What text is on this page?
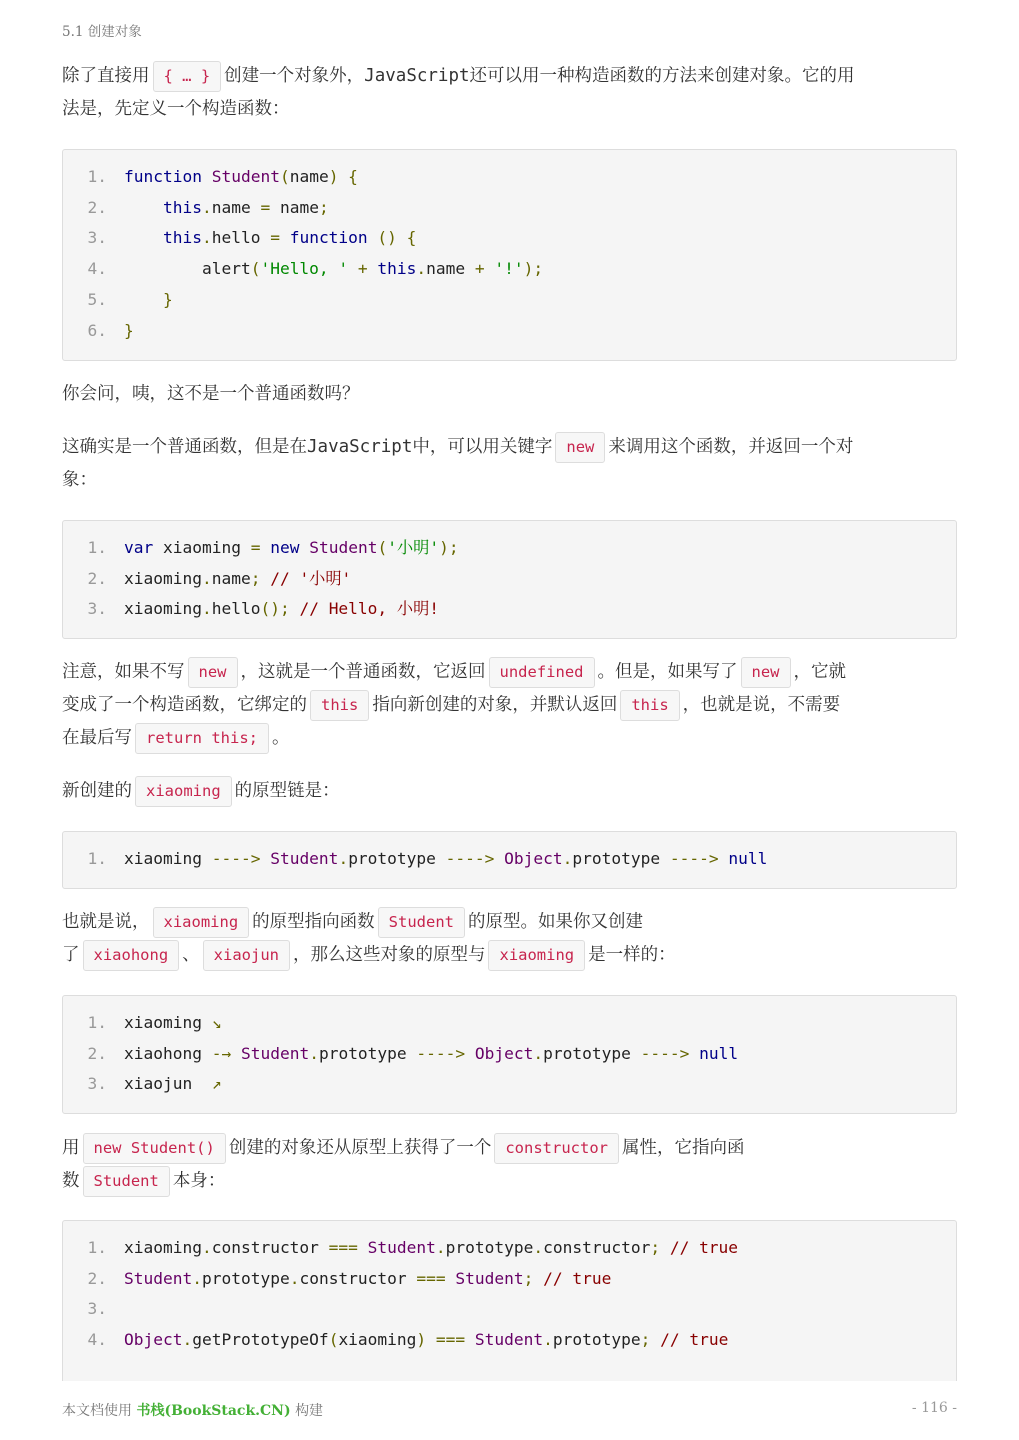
5.1 创建对象
除了直接用 { … } 创建一个对象外，JavaScript还可以用一种构造函数的方法来创建对象。它的用
法是，先定义一个构造函数：
1. function Student(name) {
2.	this.name = name;
3.	this.hello = function () {
4.	alert('Hello, ' + this.name + '!');
5.	}
6. }
你会问，咦，这不是一个普通函数吗？
这确实是一个普通函数，但是在JavaScript中，可以用关键字 new 来调用这个函数，并返回一个对
象：
1. var xiaoming = new Student('小明');
2. xiaoming.name; // '小明'
3. xiaoming.hello(); // Hello, 小明!
注意，如果不写 new ，这就是一个普通函数，它返回 undefined 。但是，如果写了 new ，它就
变成了一个构造函数，它绑定的 this 指向新创建的对象，并默认返回 this ，也就是说，不需要
在最后写 return this; 。
新创建的 xiaoming 的原型链是：
1. xiaoming ----> Student.prototype ----> Object.prototype ----> null
也就是说， xiaoming 的原型指向函数 Student 的原型。如果你又创建
了 xiaohong 、 xiaojun ，那么这些对象的原型与 xiaoming 是一样的：
1. xiaoming ↘
2. xiaohong -→ Student.prototype ----> Object.prototype ----> null
3. xiaojun ↗
用 new Student() 创建的对象还从原型上获得了一个 constructor 属性，它指向函
数 Student 本身：
1. xiaoming.constructor === Student.prototype.constructor; // true
2. Student.prototype.constructor === Student; // true
3.
4. Object.getPrototypeOf(xiaoming) === Student.prototype; // true
本文档使用 书栈(BookStack.CN) 构建	- 116 -
